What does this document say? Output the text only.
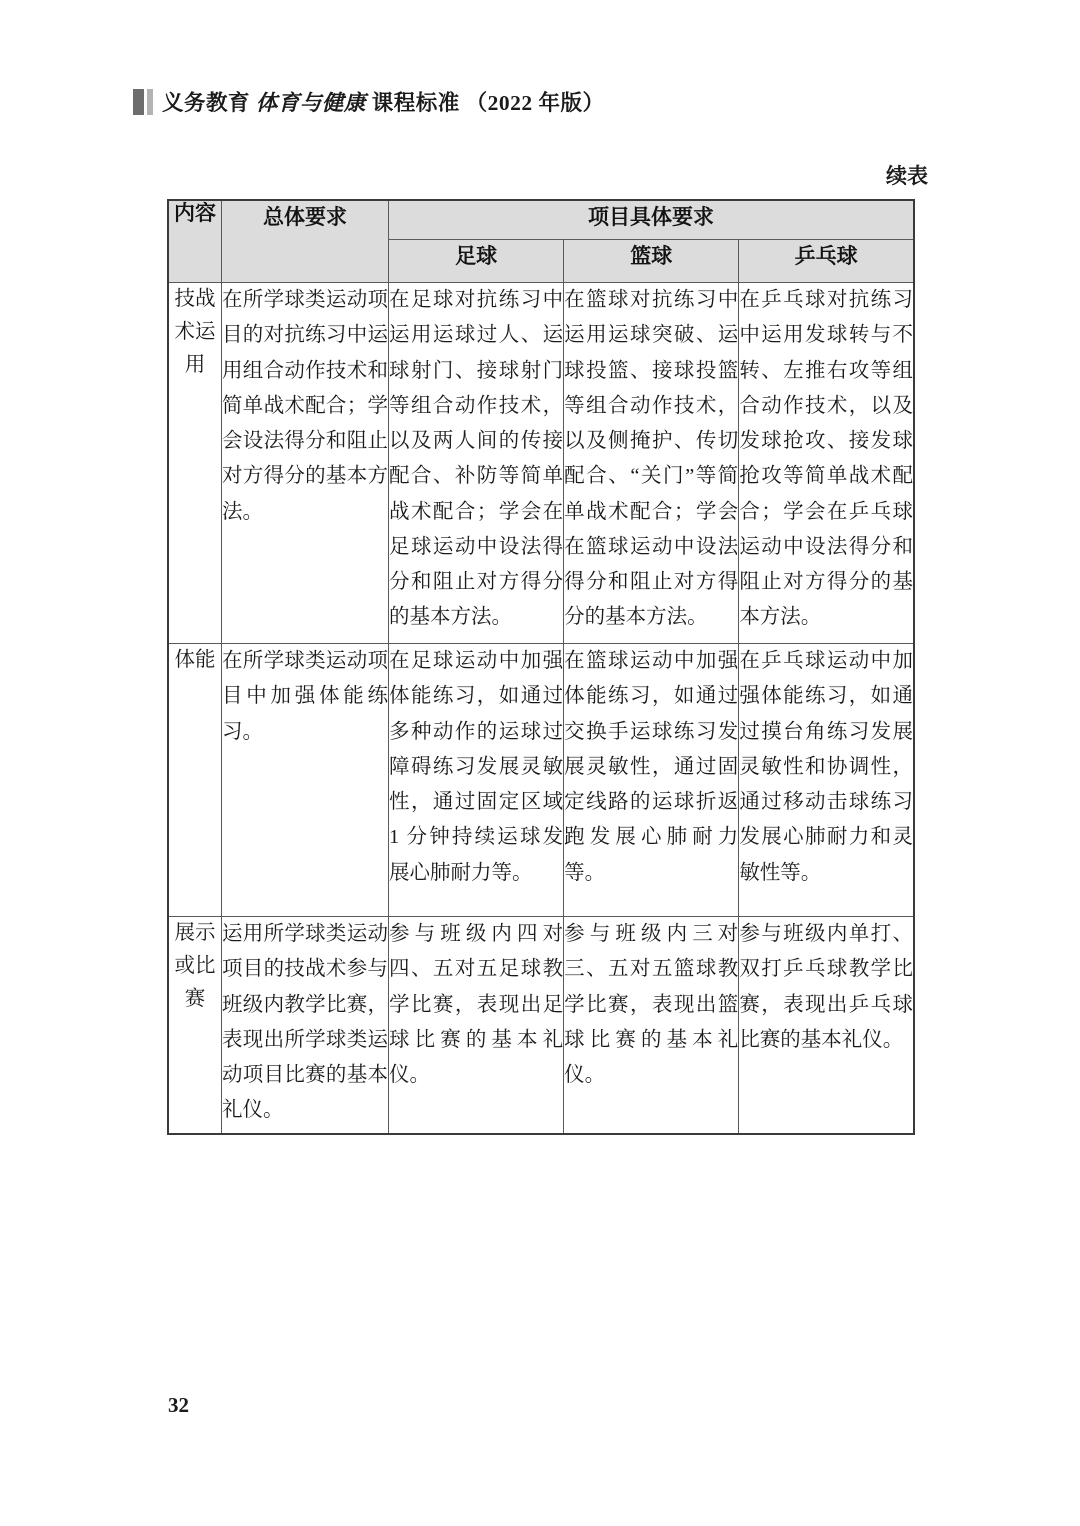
义务教育 体育与健康 课程标准 （2022 年版）
续表
内容	总体要求	项目具体要求		
		足球	篮球	乒乓球
技战术运用	在所学球类运动项目的对抗练习中运用组合动作技术和简单战术配合；学会设法得分和阻止对方得分的基本方法。	在足球对抗练习中运用运球过人、运球射门、接球射门等组合动作技术，以及两人间的传接配合、补防等简单战术配合；学会在足球运动中设法得分和阻止对方得分的基本方法。	在篮球对抗练习中运用运球突破、运球投篮、接球投篮等组合动作技术，以及侧掩护、传切配合、“关门”等简单战术配合；学会在篮球运动中设法得分和阻止对方得分的基本方法。	在乒乓球对抗练习中运用发球转与不转、左推右攻等组合动作技术，以及发球抢攻、接发球抢攻等简单战术配合；学会在乒乓球运动中设法得分和阻止对方得分的基本方法。
体能	在所学球类运动项目中加强体能练习。	在足球运动中加强体能练习，如通过多种动作的运球过障碍练习发展灵敏性，通过固定区域 1 分钟持续运球发展心肺耐力等。	在篮球运动中加强体能练习，如通过交换手运球练习发展灵敏性，通过固定线路的运球折返跑发展心肺耐力等。	在乒乓球运动中加强体能练习，如通过摸台角练习发展灵敏性和协调性，通过移动击球练习发展心肺耐力和灵敏性等。
展示或比赛	运用所学球类运动项目的技战术参与班级内教学比赛，表现出所学球类运动项目比赛的基本礼仪。	参与班级内四对四、五对五足球教学比赛，表现出足球比赛的基本礼仪。	参与班级内三对三、五对五篮球教学比赛，表现出篮球比赛的基本礼仪。	参与班级内单打、双打乒乓球教学比赛，表现出乒乓球比赛的基本礼仪。
32
